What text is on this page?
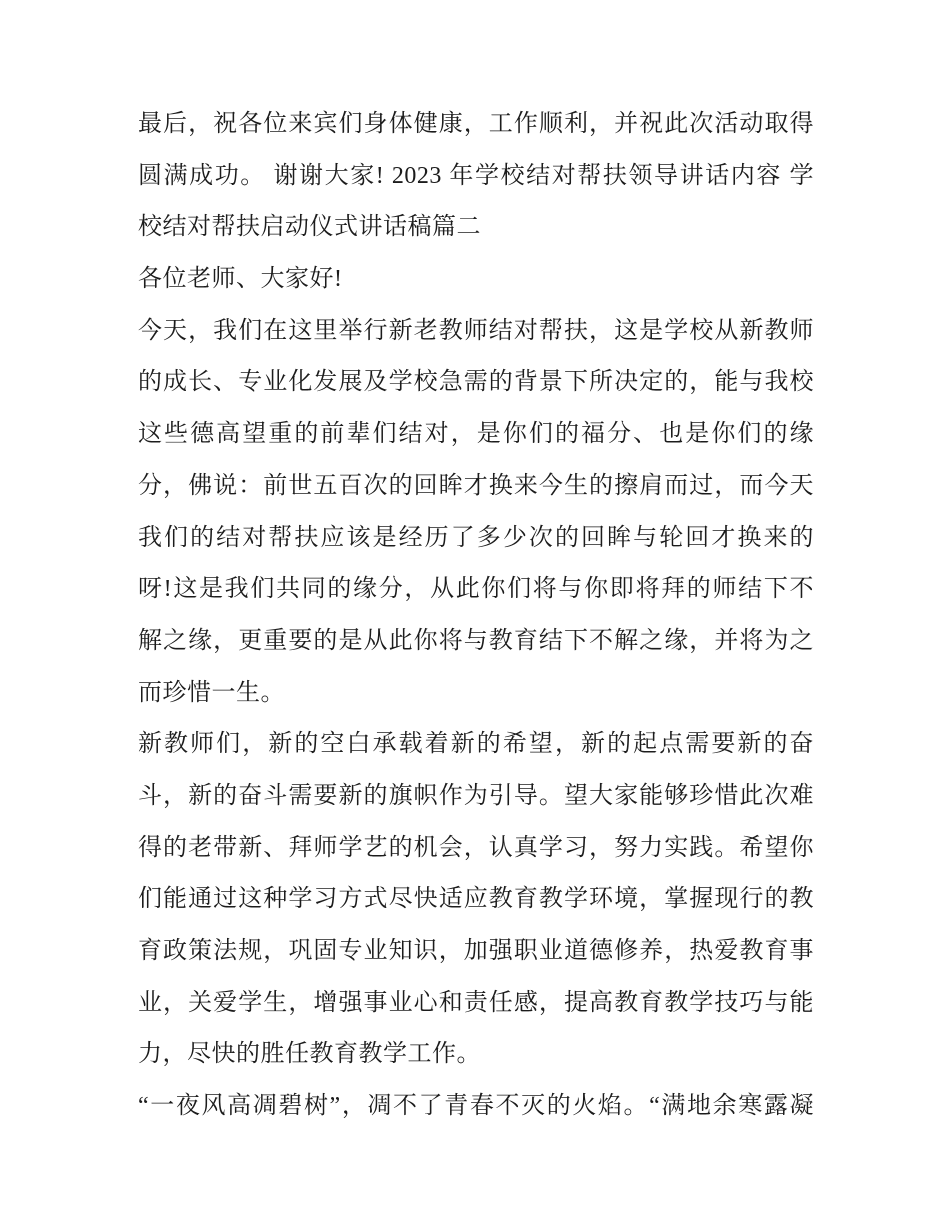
最后，祝各位来宾们身体健康，工作顺利，并祝此次活动取得
圆满成功。 谢谢大家! 2023 年学校结对帮扶领导讲话内容 学
校结对帮扶启动仪式讲话稿篇二
各位老师、大家好!
今天，我们在这里举行新老教师结对帮扶，这是学校从新教师
的成长、专业化发展及学校急需的背景下所决定的，能与我校
这些德高望重的前辈们结对，是你们的福分、也是你们的缘
分，佛说：前世五百次的回眸才换来今生的擦肩而过，而今天
我们的结对帮扶应该是经历了多少次的回眸与轮回才换来的
呀!这是我们共同的缘分，从此你们将与你即将拜的师结下不
解之缘，更重要的是从此你将与教育结下不解之缘，并将为之
而珍惜一生。
新教师们，新的空白承载着新的希望，新的起点需要新的奋
斗，新的奋斗需要新的旗帜作为引导。望大家能够珍惜此次难
得的老带新、拜师学艺的机会，认真学习，努力实践。希望你
们能通过这种学习方式尽快适应教育教学环境，掌握现行的教
育政策法规，巩固专业知识，加强职业道德修养，热爱教育事
业，关爱学生，增强事业心和责任感，提高教育教学技巧与能
力，尽快的胜任教育教学工作。
“一夜风高凋碧树”，凋不了青春不灭的火焰。“满地余寒露凝
